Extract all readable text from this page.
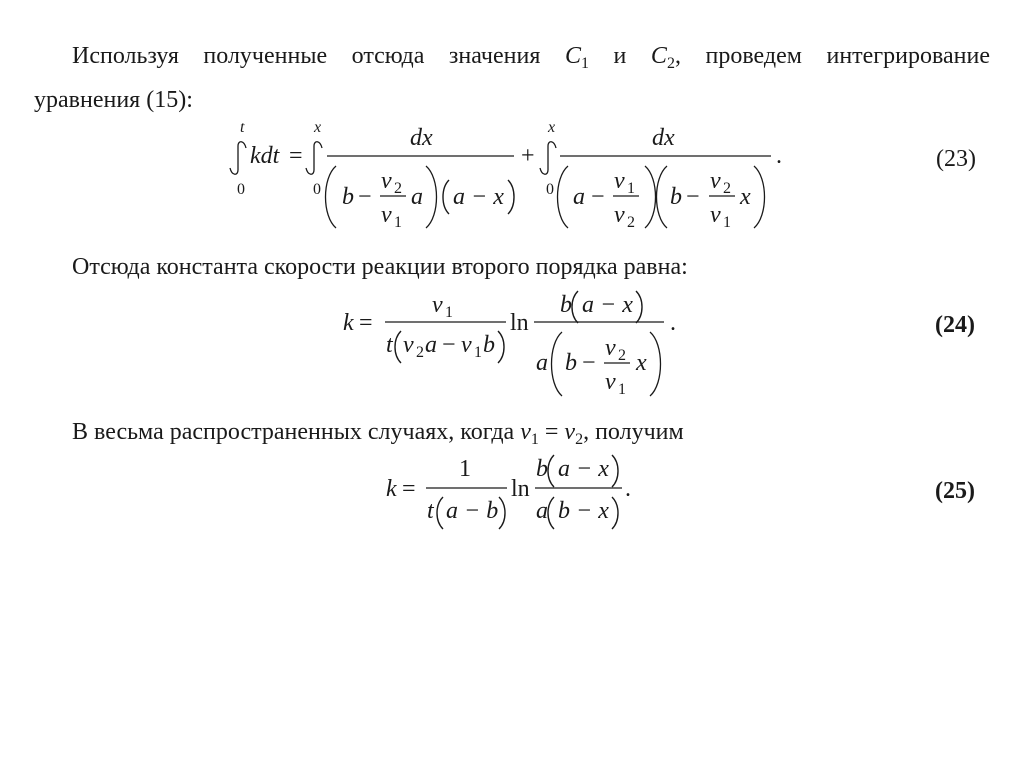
Используя полученные отсюда значения $C_1$ и $C_2$, проведем интегрирование
уравнения (15):
t
0
kdt =
x
0
dx
b −
ν 2
ν 1
a a − x
+
x
0
dx
a −
ν 1
ν 2
b −
ν 2
ν 1
x
.
k =
ν 1
t ν 2 a − ν 1 b
ln
b a − x
a b −
ν 2
ν 1
x
.
k =
1
t a − b
ln
b a − x
a b − x
.
(23)
Отсюда константа скорости реакции второго порядка равна:
(24)
В весьма распространенных случаях, когда $\nu_1 = \nu_2$, получим
(25)
